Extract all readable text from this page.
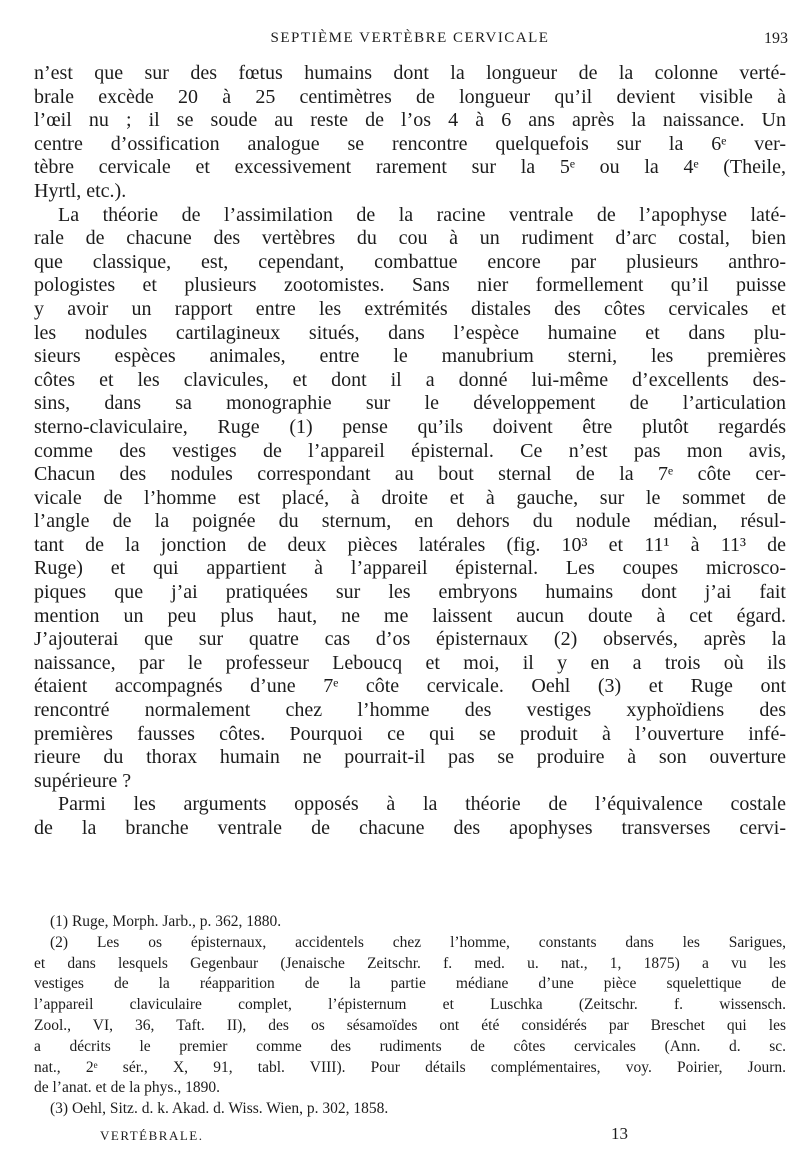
SEPTIÈME VERTÈBRE CERVICALE	193
n’est que sur des fœtus humains dont la longueur de la colonne verté-
brale excède 20 à 25 centimètres de longueur qu’il devient visible à
l’œil nu ; il se soude au reste de l’os 4 à 6 ans après la naissance. Un
centre d’ossification analogue se rencontre quelquefois sur la 6ᵉ ver-
tèbre cervicale et excessivement rarement sur la 5ᵉ ou la 4ᵉ (Theile,
Hyrtl, etc.).
La théorie de l’assimilation de la racine ventrale de l’apophyse laté-
rale de chacune des vertèbres du cou à un rudiment d’arc costal, bien
que classique, est, cependant, combattue encore par plusieurs anthro-
pologistes et plusieurs zootomistes. Sans nier formellement qu’il puisse
y avoir un rapport entre les extrémités distales des côtes cervicales et
les nodules cartilagineux situés, dans l’espèce humaine et dans plu-
sieurs espèces animales, entre le manubrium sterni, les premières
côtes et les clavicules, et dont il a donné lui-même d’excellents des-
sins, dans sa monographie sur le développement de l’articulation
sterno-claviculaire, Ruge (1) pense qu’ils doivent être plutôt regardés
comme des vestiges de l’appareil épisternal. Ce n’est pas mon avis,
Chacun des nodules correspondant au bout sternal de la 7ᵉ côte cer-
vicale de l’homme est placé, à droite et à gauche, sur le sommet de
l’angle de la poignée du sternum, en dehors du nodule médian, résul-
tant de la jonction de deux pièces latérales (fig. 10³ et 11¹ à 11³ de
Ruge) et qui appartient à l’appareil épisternal. Les coupes microsco-
piques que j’ai pratiquées sur les embryons humains dont j’ai fait
mention un peu plus haut, ne me laissent aucun doute à cet égard.
J’ajouterai que sur quatre cas d’os épisternaux (2) observés, après la
naissance, par le professeur Leboucq et moi, il y en a trois où ils
étaient accompagnés d’une 7ᵉ côte cervicale. Oehl (3) et Ruge ont
rencontré normalement chez l’homme des vestiges xyphoïdiens des
premières fausses côtes. Pourquoi ce qui se produit à l’ouverture infé-
rieure du thorax humain ne pourrait-il pas se produire à son ouverture
supérieure ?
Parmi les arguments opposés à la théorie de l’équivalence costale
de la branche ventrale de chacune des apophyses transverses cervi-
(1) Ruge, Morph. Jarb., p. 362, 1880.
(2) Les os épisternaux, accidentels chez l’homme, constants dans les Sarigues,
et dans lesquels Gegenbaur (Jenaische Zeitschr. f. med. u. nat., 1, 1875) a vu les
vestiges de la réapparition de la partie médiane d’une pièce squelettique de
l’appareil claviculaire complet, l’épisternum et Luschka (Zeitschr. f. wissensch.
Zool., VI, 36, Taft. II), des os sésamoïdes ont été considérés par Breschet qui les
a décrits le premier comme des rudiments de côtes cervicales (Ann. d. sc.
nat., 2ᵉ sér., X, 91, tabl. VIII). Pour détails complémentaires, voy. Poirier, Journ.
de l’anat. et de la phys., 1890.
(3) Oehl, Sitz. d. k. Akad. d. Wiss. Wien, p. 302, 1858.
VERTÉBRALE.	13
